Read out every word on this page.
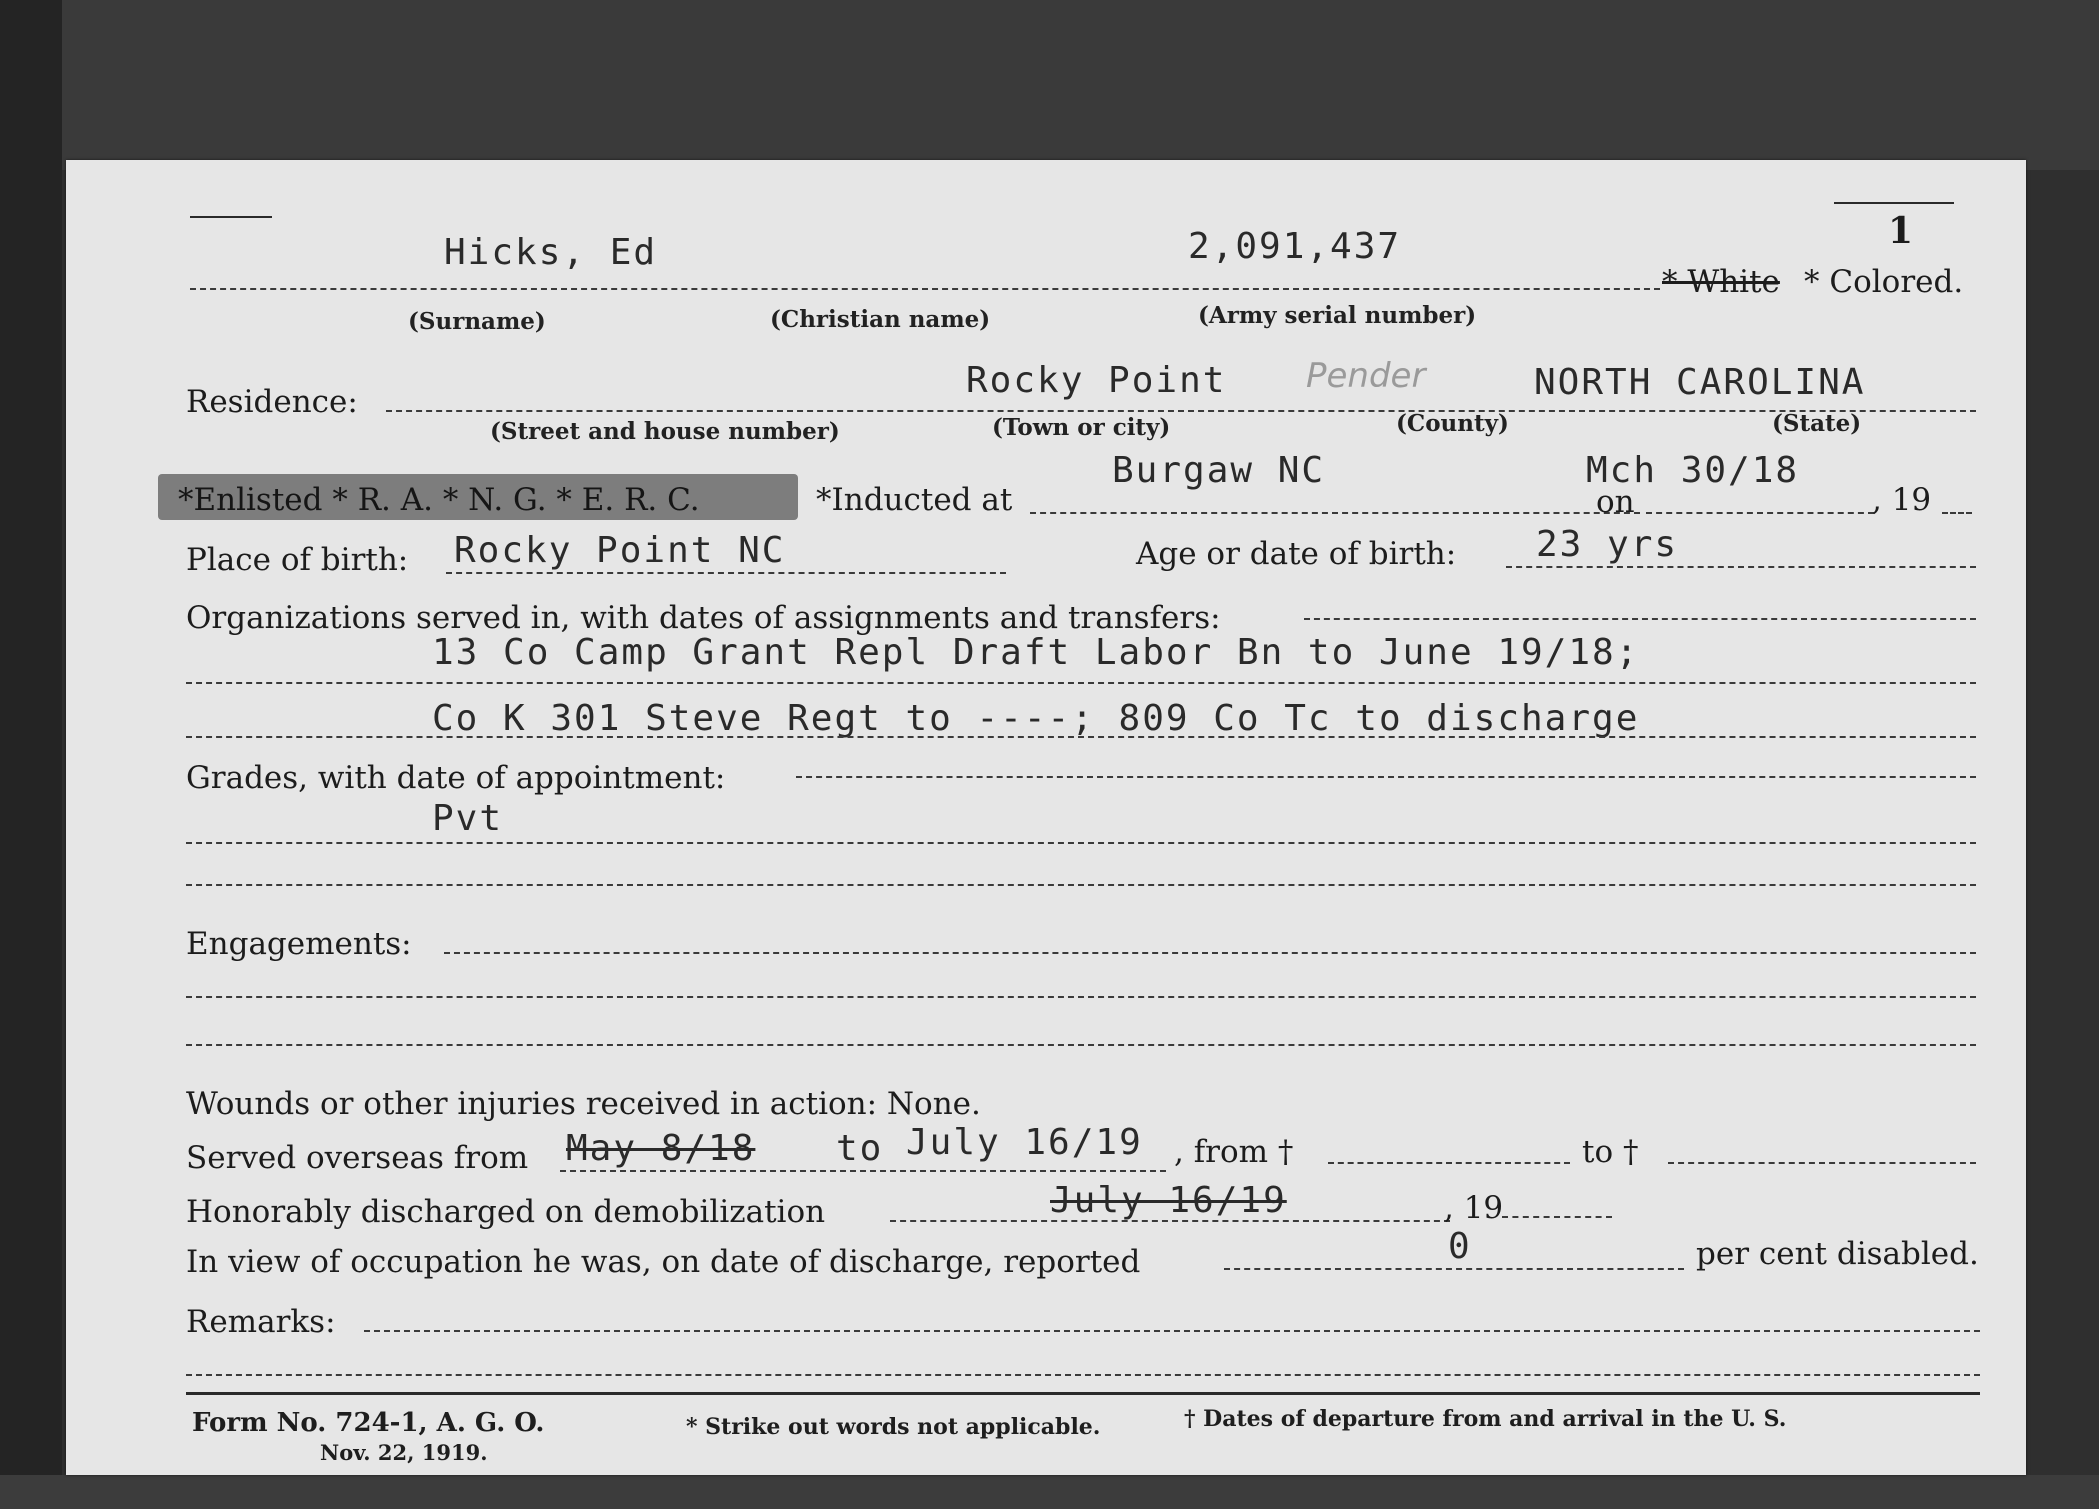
1
Hicks, Ed	2,091,437
* White * Colored.
(Surname)	(Christian name)	(Army serial number)
Residence:
Rocky Point Pender	NORTH CAROLINA
(Street and house number)	(Town or city)	(County)	(State)
*Enlisted * R. A. * N. G. * E. R. C.	*Inducted at
Burgaw NC	Mch 30/18
on	, 19
Place of birth: Rocky Point NC	Age or date of birth: 23 yrs
Organizations served in, with dates of assignments and transfers:
13 Co Camp Grant Repl Draft Labor Bn to June 19/18;
Co K 301 Steve Regt to ----; 809 Co Tc to discharge
Grades, with date of appointment:
Pvt
Engagements:
Wounds or other injuries received in action: None.
Served overseas from May 8/18 to July 16/19 , from †	to †
Honorably discharged on demobilization	July 16/19	, 19
In view of occupation he was, on date of discharge, reported	0	per cent disabled.
Remarks:
Form No. 724-1, A. G. O.
Nov. 22, 1919.
* Strike out words not applicable.	† Dates of departure from and arrival in the U. S.
